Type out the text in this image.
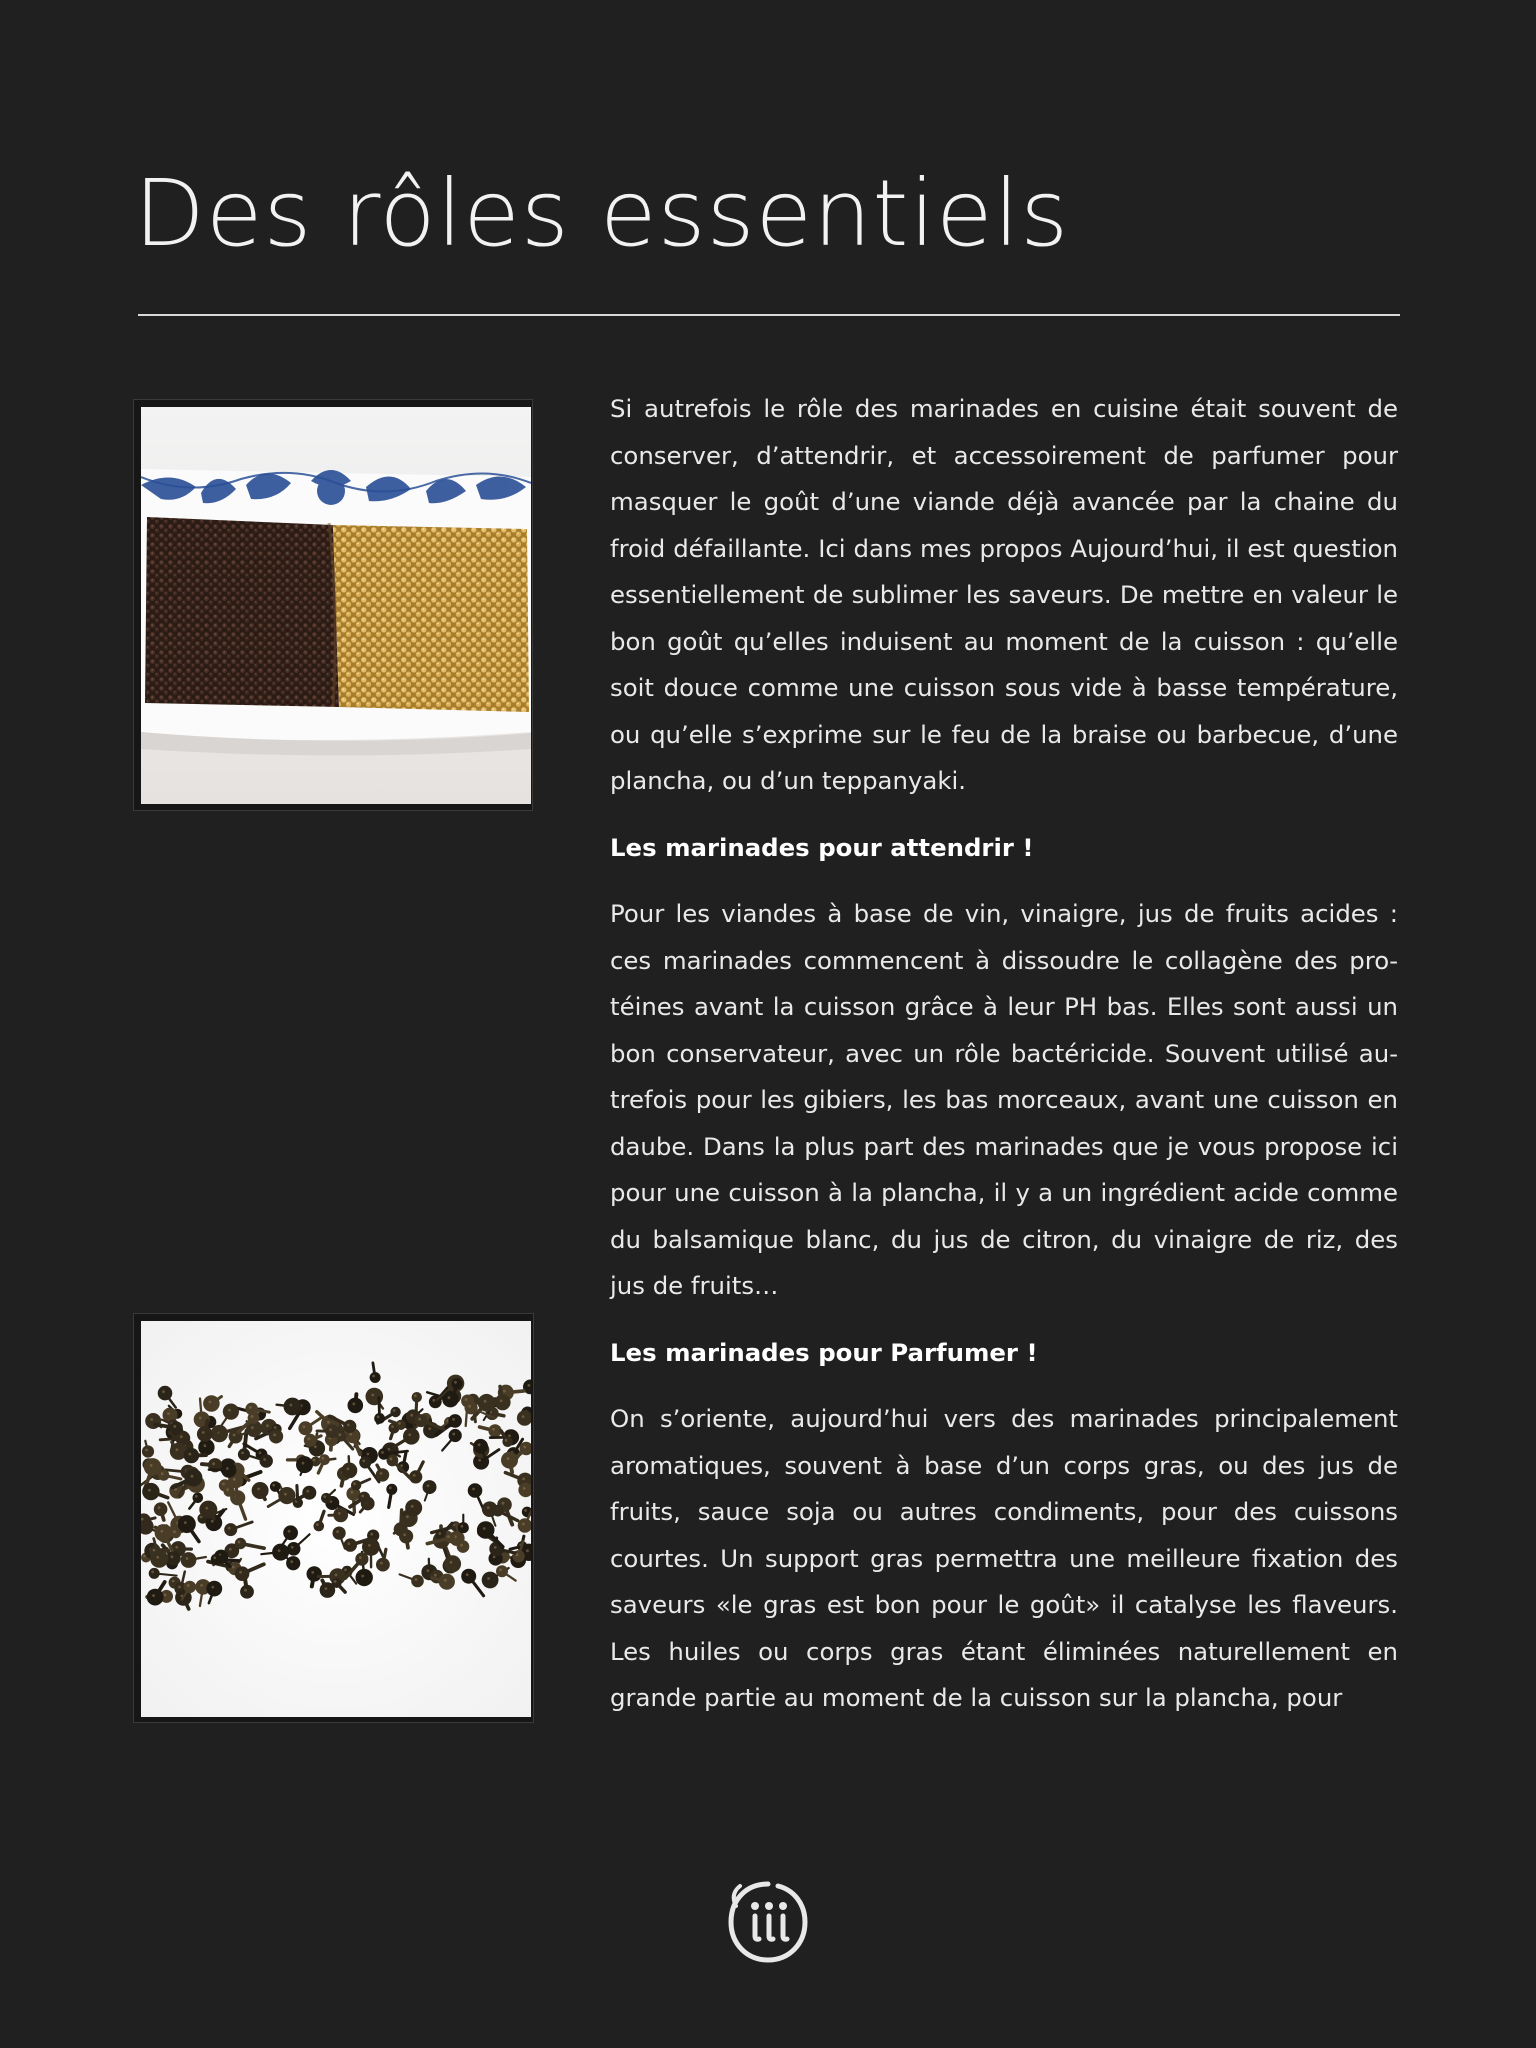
Des rôles essentiels

Si autrefois le rôle des marinades en cuisine était souvent de conserver, d’attendrir, et accessoirement de parfumer pour masquer le goût d’une viande déjà avancée par la chaine du froid défaillante. Ici dans mes propos Aujourd’hui, il est question essentiellement de sublimer les saveurs. De mettre en valeur le bon goût qu’elles induisent au moment de la cuisson : qu’elle soit douce comme une cuisson sous vide à basse température, ou qu’elle s’exprime sur le feu de la braise ou barbecue, d’une plancha, ou d’un teppanyaki.

Les marinades pour attendrir !

Pour les viandes à base de vin, vinaigre, jus de fruits acides : ces marinades commencent à dissoudre le collagène des protéines avant la cuisson grâce à leur PH bas. Elles sont aussi un bon conservateur, avec un rôle bactéricide. Souvent utilisé autrefois pour les gibiers, les bas morceaux, avant une cuisson en daube. Dans la plus part des marinades que je vous propose ici pour une cuisson à la plancha, il y a un ingrédient acide comme du balsamique blanc, du jus de citron, du vinaigre de riz, des jus de fruits…

Les marinades pour Parfumer !

On s’oriente, aujourd’hui vers des marinades principalement aromatiques, souvent à base d’un corps gras, ou des jus de fruits, sauce soja ou autres condiments, pour des cuissons courtes. Un support gras permettra une meilleure fixation des saveurs «le gras est bon pour le goût» il catalyse les flaveurs. Les huiles ou corps gras étant éliminées naturellement en grande partie au moment de la cuisson sur la plancha, pour
